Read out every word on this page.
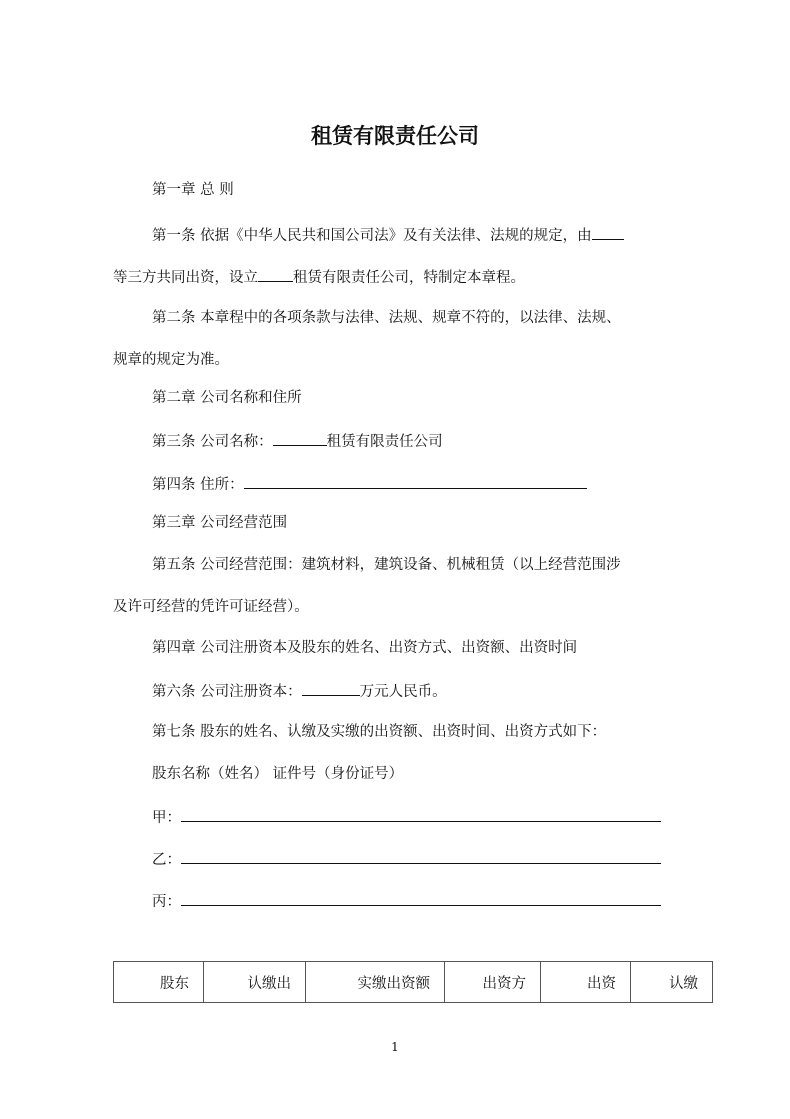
租赁有限责任公司
第一章 总 则
第一条 依据《中华人民共和国公司法》及有关法律、法规的规定，由
等三方共同出资，设立 租赁有限责任公司，特制定本章程。
第二条 本章程中的各项条款与法律、法规、规章不符的，以法律、法规、
规章的规定为准。
第二章 公司名称和住所
第三条 公司名称：	租赁有限责任公司
第四条 住所：
第三章 公司经营范围
第五条 公司经营范围：建筑材料，建筑设备、机械租赁（以上经营范围涉
及许可经营的凭许可证经营）。
第四章 公司注册资本及股东的姓名、出资方式、出资额、出资时间
第六条 公司注册资本：	万元人民币。
第七条 股东的姓名、认缴及实缴的出资额、出资时间、出资方式如下：
股东名称（姓名） 证件号（身份证号）
甲：
乙：
丙：
股东	认缴出	实缴出资额	出资方	出资	认缴
1
